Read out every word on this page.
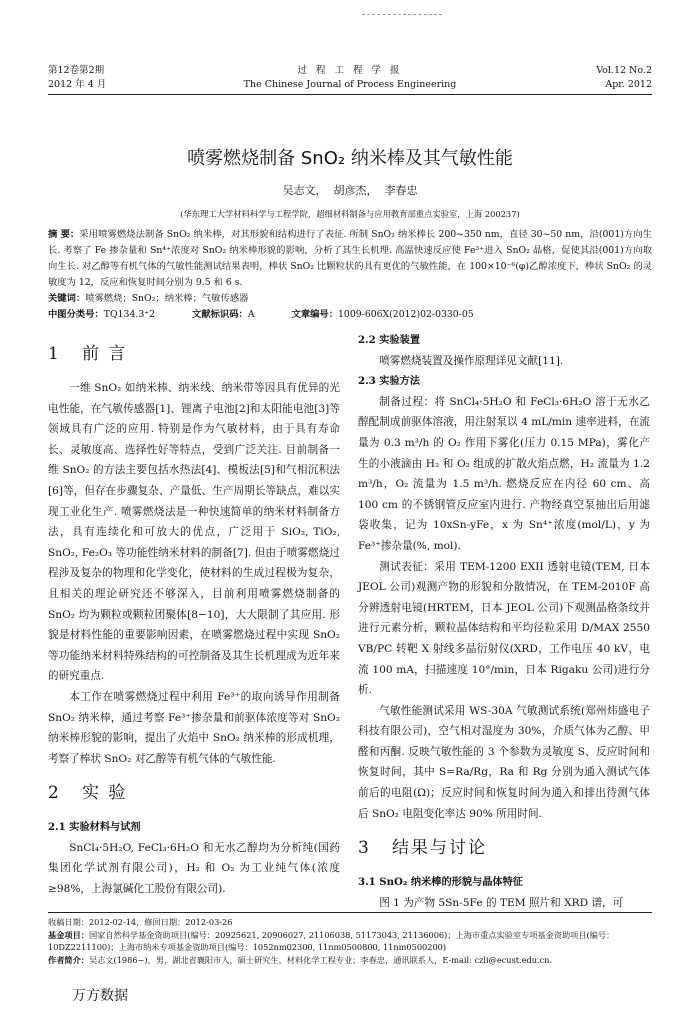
第12卷第2期
2012 年 4 月
过 程 工 程 学 报
The Chinese Journal of Process Engineering
Vol.12 No.2
Apr. 2012
喷雾燃烧制备 SnO₂ 纳米棒及其气敏性能
吴志文，  胡彦杰，  李春忠
(华东理工大学材料科学与工程学院，超细材料制备与应用教育部重点实验室，上海 200237)
摘 要：采用喷雾燃烧法制备 SnO₂ 纳米棒，对其形貌和结构进行了表征. 所制 SnO₂ 纳米棒长 200~350 nm，直径 30~50 nm，沿(001)方向生长. 考察了 Fe 掺杂量和 Sn⁴⁺浓度对 SnO₂ 纳米棒形貌的影响，分析了其生长机理. 高温快速反应使 Fe³⁺进入 SnO₂ 晶格，促使其沿(001)方向取向生长. 对乙醇等有机气体的气敏性能测试结果表明，棒状 SnO₂ 比颗粒状的具有更优的气敏性能，在 100×10⁻⁶(φ)乙醇浓度下，棒状 SnO₂ 的灵敏度为 12，反应和恢复时间分别为 9.5 和 6 s.
关键词：喷雾燃烧；SnO₂；纳米棒；气敏传感器
中图分类号：TQ134.3⁺2	文献标识码：A	文章编号：1009-606X(2012)02-0330-05
1 前 言

一维 SnO₂ 如纳米棒、纳米线、纳米带等因具有优异的光电性能，在气敏传感器[1]、锂离子电池[2]和太阳能电池[3]等领域具有广泛的应用. 特别是作为气敏材料，由于具有寿命长、灵敏度高、选择性好等特点，受到广泛关注. 目前制备一维 SnO₂ 的方法主要包括水热法[4]、模板法[5]和气相沉积法[6]等，但存在步骤复杂、产量低、生产周期长等缺点，难以实现工业化生产. 喷雾燃烧法是一种快速简单的纳米材料制备方法，具有连续化和可放大的优点，广泛用于 SiO₂, TiO₂, SnO₂, Fe₂O₃ 等功能性纳米材料的制备[7]. 但由于喷雾燃烧过程涉及复杂的物理和化学变化，使材料的生成过程极为复杂，且相关的理论研究还不够深入，目前利用喷雾燃烧制备的 SnO₂ 均为颗粒或颗粒团聚体[8−10]，大大限制了其应用. 形貌是材料性能的重要影响因素，在喷雾燃烧过程中实现 SnO₂ 等功能纳米材料特殊结构的可控制备及其生长机理成为近年来的研究重点.

本工作在喷雾燃烧过程中利用 Fe³⁺的取向诱导作用制备 SnO₂ 纳米棒，通过考察 Fe³⁺掺杂量和前驱体浓度等对 SnO₂ 纳米棒形貌的影响，提出了火焰中 SnO₂ 纳米棒的形成机理，考察了棒状 SnO₂ 对乙醇等有机气体的气敏性能.

2 实 验

2.1 实验材料与试剂

SnCl₄·5H₂O, FeCl₃·6H₂O 和无水乙醇均为分析纯(国药集团化学试剂有限公司)，H₂ 和 O₂ 为工业纯气体(浓度≥98%，上海氯碱化工股份有限公司).

2.2 实验装置

喷雾燃烧装置及操作原理详见文献[11].

2.3 实验方法

制备过程：将 SnCl₄·5H₂O 和 FeCl₃·6H₂O 溶于无水乙醇配制成前驱体溶液，用注射泵以 4 mL/min 速率进料，在流量为 0.3 m³/h 的 O₂ 作用下雾化(压力 0.15 MPa)，雾化产生的小液滴由 H₂ 和 O₂ 组成的扩散火焰点燃，H₂ 流量为 1.2 m³/h，O₂ 流量为 1.5 m³/h. 燃烧反应在内径 60 cm、高 100 cm 的不锈钢管反应室内进行. 产物经真空泵抽出后用滤袋收集，记为 10xSn-yFe，x 为 Sn⁴⁺浓度(mol/L)，y 为 Fe³⁺掺杂量(%, mol).

测试表征：采用 TEM-1200 EXII 透射电镜(TEM, 日本 JEOL 公司)观测产物的形貌和分散情况，在 TEM-2010F 高分辨透射电镜(HRTEM，日本 JEOL 公司)下观测晶格条纹并进行元素分析，颗粒晶体结构和平均径粒采用 D/MAX 2550 VB/PC 转靶 X 射线多晶衍射仪(XRD，工作电压 40 kV，电流 100 mA，扫描速度 10°/min，日本 Rigaku 公司)进行分析.

气敏性能测试采用 WS-30A 气敏测试系统(郑州炜盛电子科技有限公司)，空气相对湿度为 30%，介质气体为乙醇、甲醛和丙酮. 反映气敏性能的 3 个参数为灵敏度 S、反应时间和恢复时间，其中 S=Ra/Rg，Ra 和 Rg 分别为通入测试气体前后的电阻(Ω)；反应时间和恢复时间为通入和排出待测气体后 SnO₂ 电阻变化率达 90% 所用时间.

3 结果与讨论

3.1 SnO₂ 纳米棒的形貌与晶体特征

图 1 为产物 5Sn-5Fe 的 TEM 照片和 XRD 谱，可

收稿日期：2012-02-14，修回日期：2012-03-26
基金项目：国家自然科学基金资助项目(编号：20925621, 20906027, 21106038, 51173043, 21136006)；上海市重点实验室专项基金资助项目(编号：10DZ2211100)；上海市纳米专项基金资助项目(编号：1052nm02300, 11nm0500800, 11nm0500200)
作者简介：吴志文(1986−)，男，湖北省襄阳市人，硕士研究生，材料化学工程专业；李春忠，通讯联系人，E-mail: czli@ecust.edu.cn.
万方数据
